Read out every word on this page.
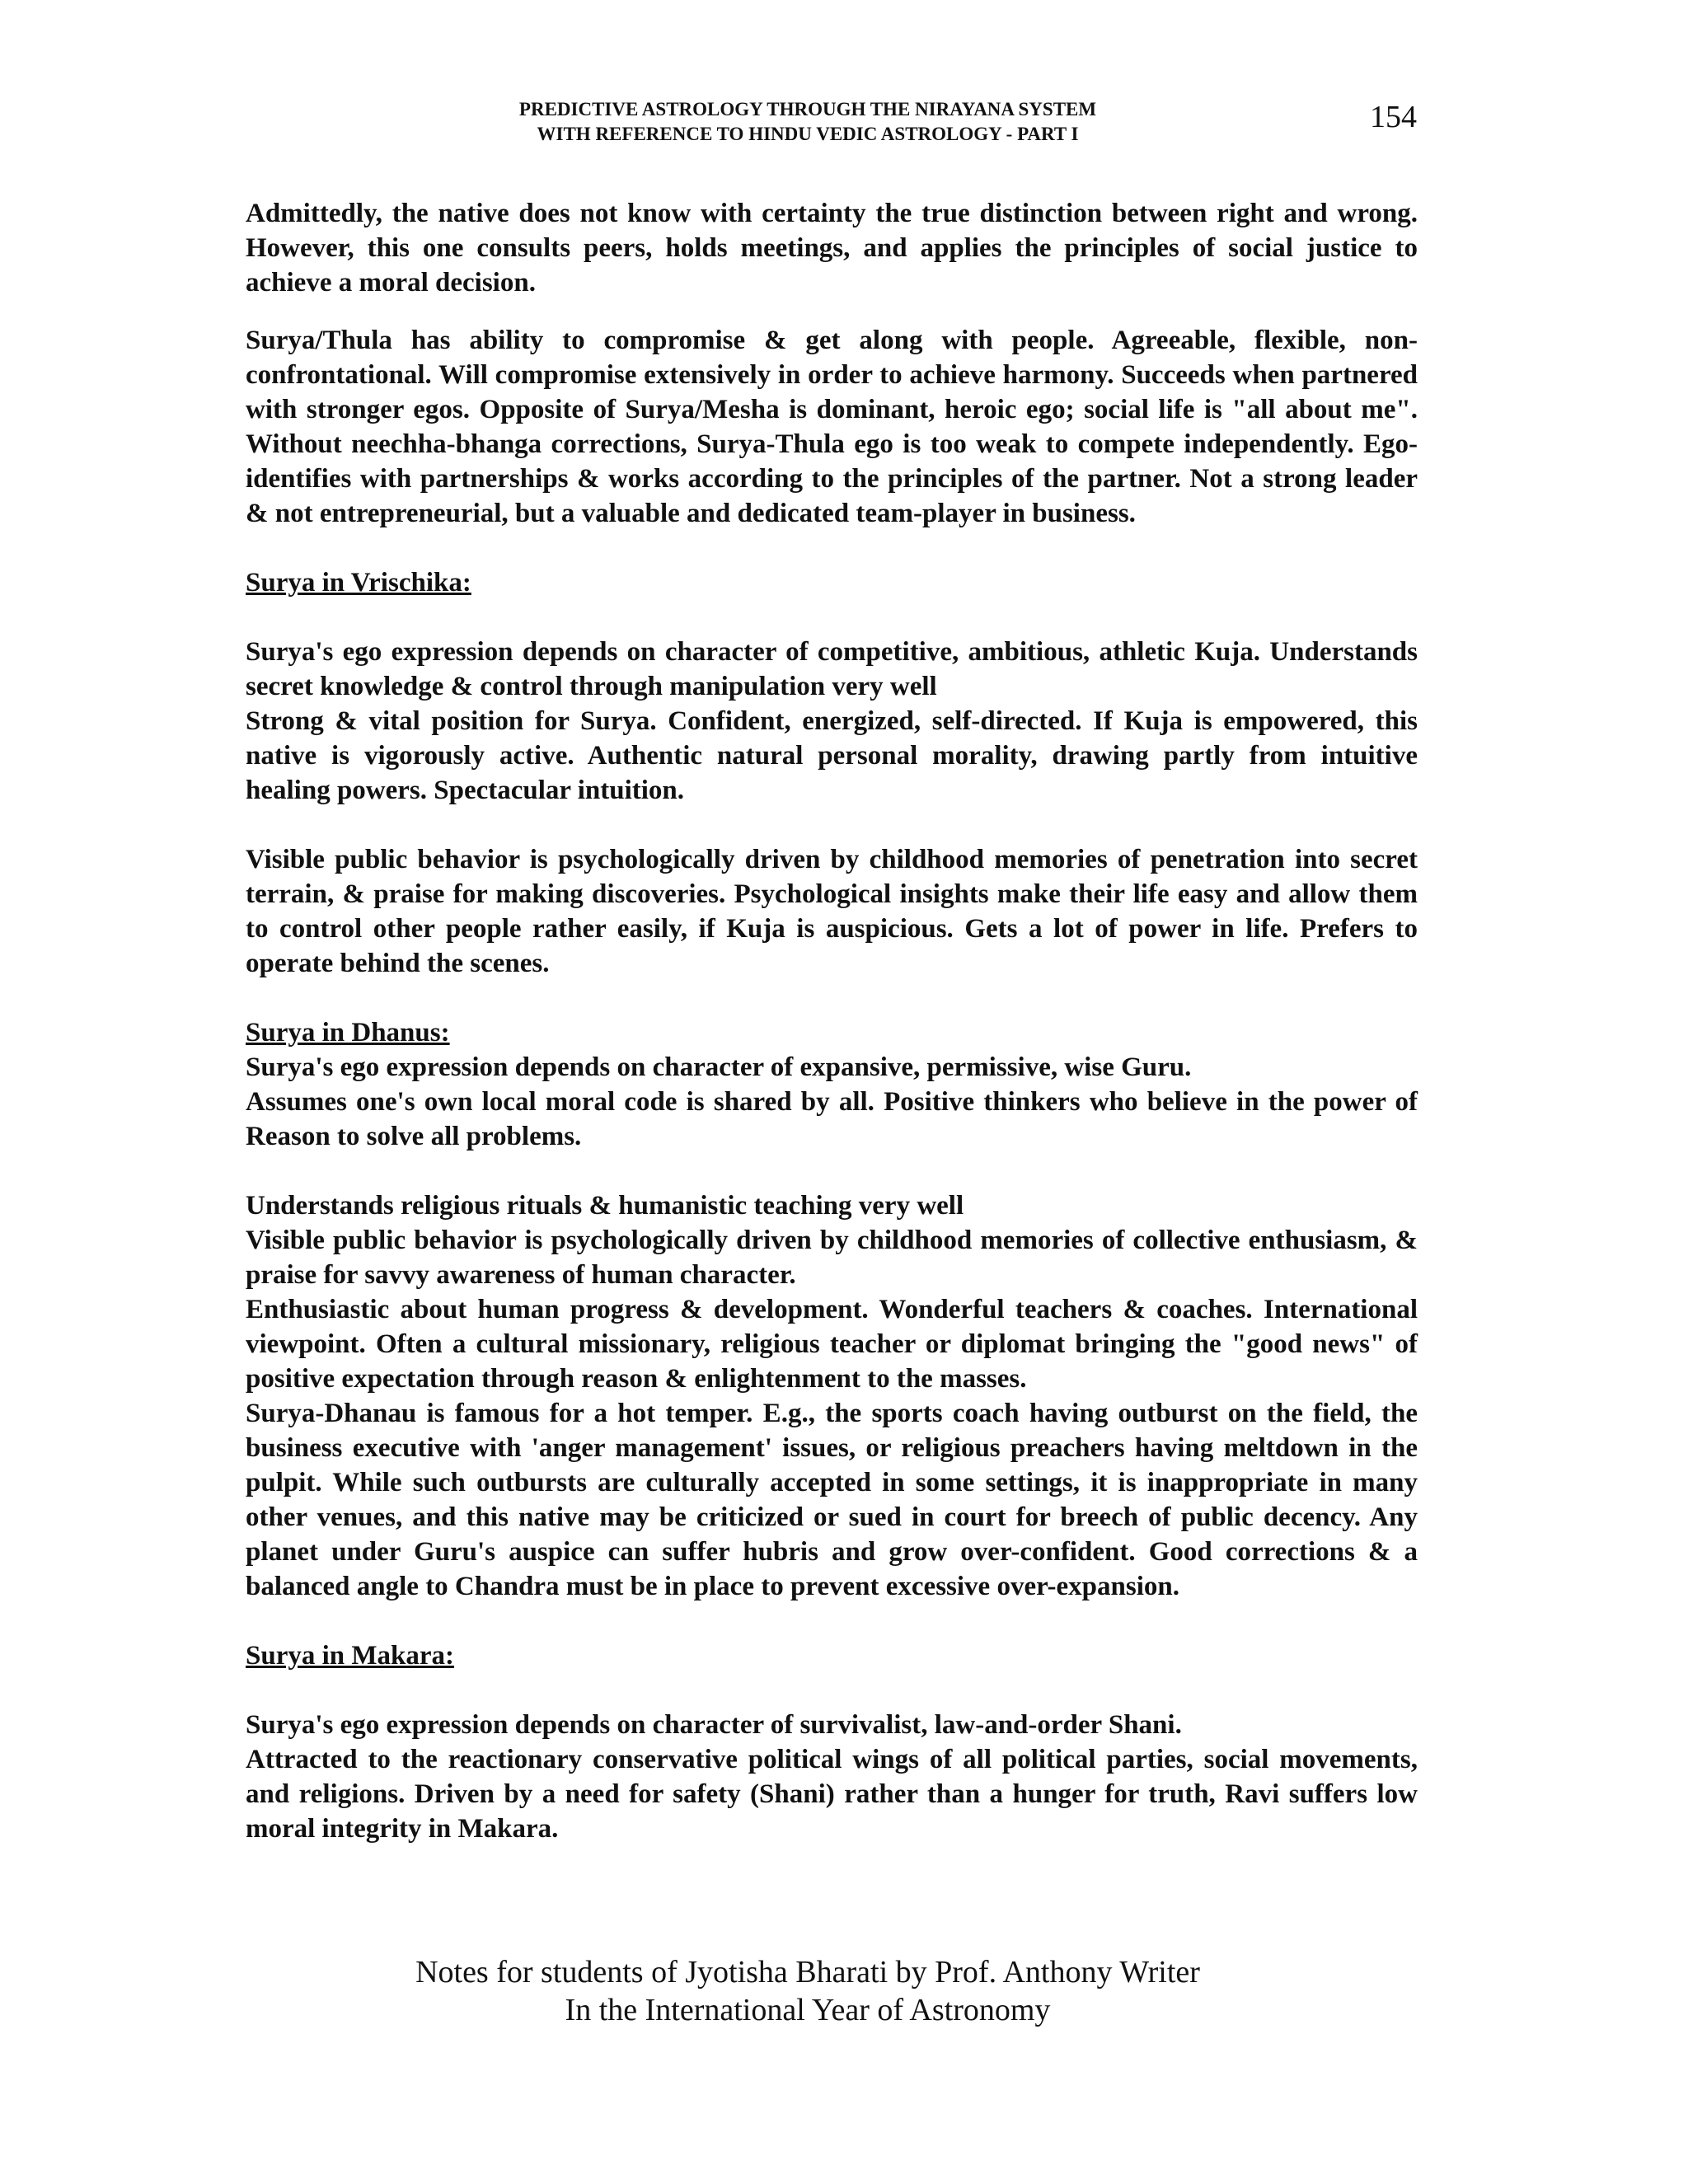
PREDICTIVE ASTROLOGY THROUGH THE NIRAYANA SYSTEM
WITH REFERENCE TO HINDU VEDIC ASTROLOGY - PART I	154

Admittedly, the native does not know with certainty the true distinction between right and wrong. However, this one consults peers, holds meetings, and applies the principles of social justice to achieve a moral decision.

Surya/Thula has ability to compromise & get along with people. Agreeable, flexible, non-confrontational. Will compromise extensively in order to achieve harmony. Succeeds when partnered with stronger egos. Opposite of Surya/Mesha is dominant, heroic ego; social life is "all about me". Without neechha-bhanga corrections, Surya-Thula ego is too weak to compete independently. Ego-identifies with partnerships & works according to the principles of the partner. Not a strong leader & not entrepreneurial, but a valuable and dedicated team-player in business.

Surya in Vrischika:

Surya's ego expression depends on character of competitive, ambitious, athletic Kuja. Understands secret knowledge & control through manipulation very well

Strong & vital position for Surya. Confident, energized, self-directed. If Kuja is empowered, this native is vigorously active. Authentic natural personal morality, drawing partly from intuitive healing powers. Spectacular intuition.

Visible public behavior is psychologically driven by childhood memories of penetration into secret terrain, & praise for making discoveries. Psychological insights make their life easy and allow them to control other people rather easily, if Kuja is auspicious. Gets a lot of power in life. Prefers to operate behind the scenes.

Surya in Dhanus:

Surya's ego expression depends on character of expansive, permissive, wise Guru.

Assumes one's own local moral code is shared by all. Positive thinkers who believe in the power of Reason to solve all problems.

Understands religious rituals & humanistic teaching very well

Visible public behavior is psychologically driven by childhood memories of collective enthusiasm, & praise for savvy awareness of human character.

Enthusiastic about human progress & development. Wonderful teachers & coaches. International viewpoint. Often a cultural missionary, religious teacher or diplomat bringing the "good news" of positive expectation through reason & enlightenment to the masses.

Surya-Dhanau is famous for a hot temper. E.g., the sports coach having outburst on the field, the business executive with 'anger management' issues, or religious preachers having meltdown in the pulpit. While such outbursts are culturally accepted in some settings, it is inappropriate in many other venues, and this native may be criticized or sued in court for breech of public decency. Any planet under Guru's auspice can suffer hubris and grow over-confident. Good corrections & a balanced angle to Chandra must be in place to prevent excessive over-expansion.

Surya in Makara:

Surya's ego expression depends on character of survivalist, law-and-order Shani.

Attracted to the reactionary conservative political wings of all political parties, social movements, and religions. Driven by a need for safety (Shani) rather than a hunger for truth, Ravi suffers low moral integrity in Makara.

Notes for students of Jyotisha Bharati by Prof. Anthony Writer
In the International Year of Astronomy
